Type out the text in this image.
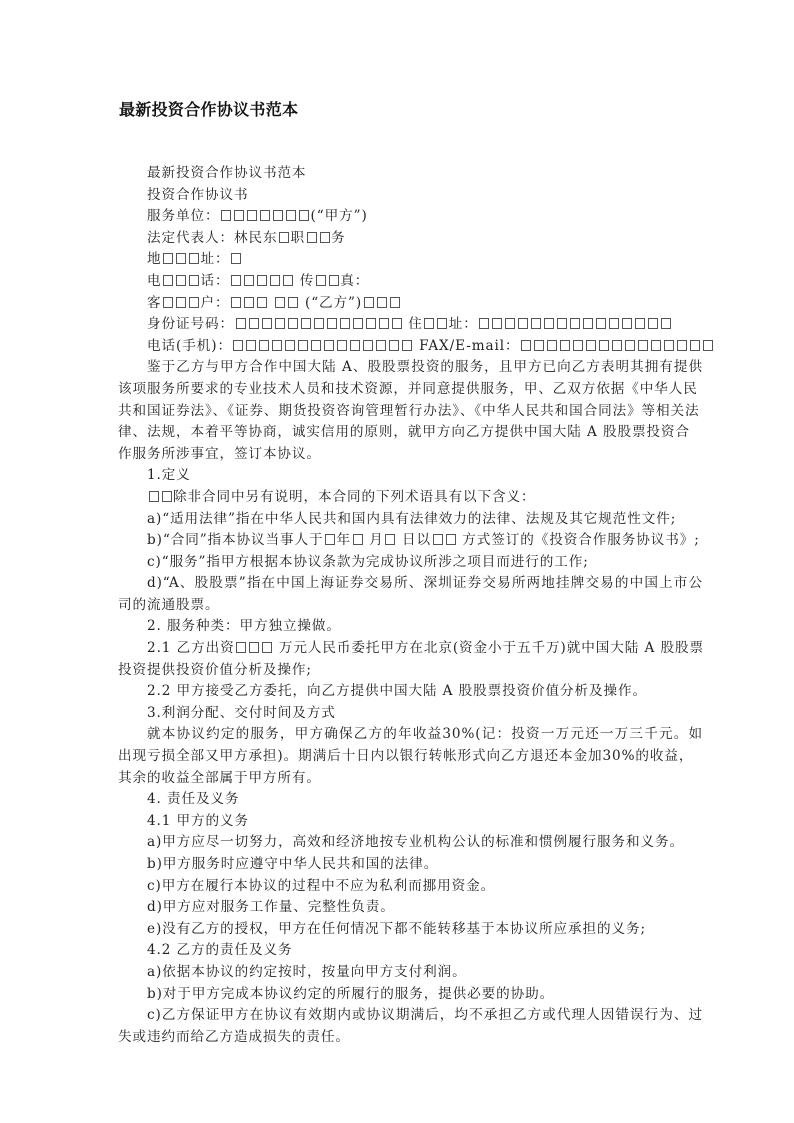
最新投资合作协议书范本
最新投资合作协议书范本
投资合作协议书
服务单位：	(“甲方”)
法定代表人：林民东 职 务
地	址：
电	话：	传 真：
客	户：	(“乙方”)
身份证号码：	住 址：
电话(手机)：	FAX/E-mail：
鉴于乙方与甲方合作中国大陆 A、股股票投资的服务，且甲方已向乙方表明其拥有提供
该项服务所要求的专业技术人员和技术资源，并同意提供服务，甲、乙双方依据《中华人民
共和国证券法》、《证券、期货投资咨询管理暂行办法》、《中华人民共和国合同法》等相关法
律、法规，本着平等协商，诚实信用的原则，就甲方向乙方提供中国大陆 A 股股票投资合
作服务所涉事宜，签订本协议。
1.定义
除非合同中另有说明，本合同的下列术语具有以下含义：
a)“适用法律”指在中华人民共和国内具有法律效力的法律、法规及其它规范性文件;
b)“合同”指本协议当事人于 年 月 日以 方式签订的《投资合作服务协议书》;
c)“服务”指甲方根据本协议条款为完成协议所涉之项目而进行的工作;
d)“A、股股票”指在中国上海证券交易所、深圳证券交易所两地挂牌交易的中国上市公
司的流通股票。
2. 服务种类：甲方独立操做。
2.1 乙方出资	万元人民币委托甲方在北京(资金小于五千万)就中国大陆 A 股股票
投资提供投资价值分析及操作;
2.2 甲方接受乙方委托，向乙方提供中国大陆 A 股股票投资价值分析及操作。
3.利润分配、交付时间及方式
就本协议约定的服务，甲方确保乙方的年收益30%(记：投资一万元还一万三千元。如
出现亏损全部又甲方承担)。期满后十日内以银行转帐形式向乙方退还本金加30%的收益，
其余的收益全部属于甲方所有。
4. 责任及义务
4.1 甲方的义务
a)甲方应尽一切努力，高效和经济地按专业机构公认的标准和惯例履行服务和义务。
b)甲方服务时应遵守中华人民共和国的法律。
c)甲方在履行本协议的过程中不应为私利而挪用资金。
d)甲方应对服务工作量、完整性负责。
e)没有乙方的授权，甲方在任何情况下都不能转移基于本协议所应承担的义务;
4.2 乙方的责任及义务
a)依据本协议的约定按时，按量向甲方支付利润。
b)对于甲方完成本协议约定的所履行的服务，提供必要的协助。
c)乙方保证甲方在协议有效期内或协议期满后，均不承担乙方或代理人因错误行为、过
失或违约而给乙方造成损失的责任。
